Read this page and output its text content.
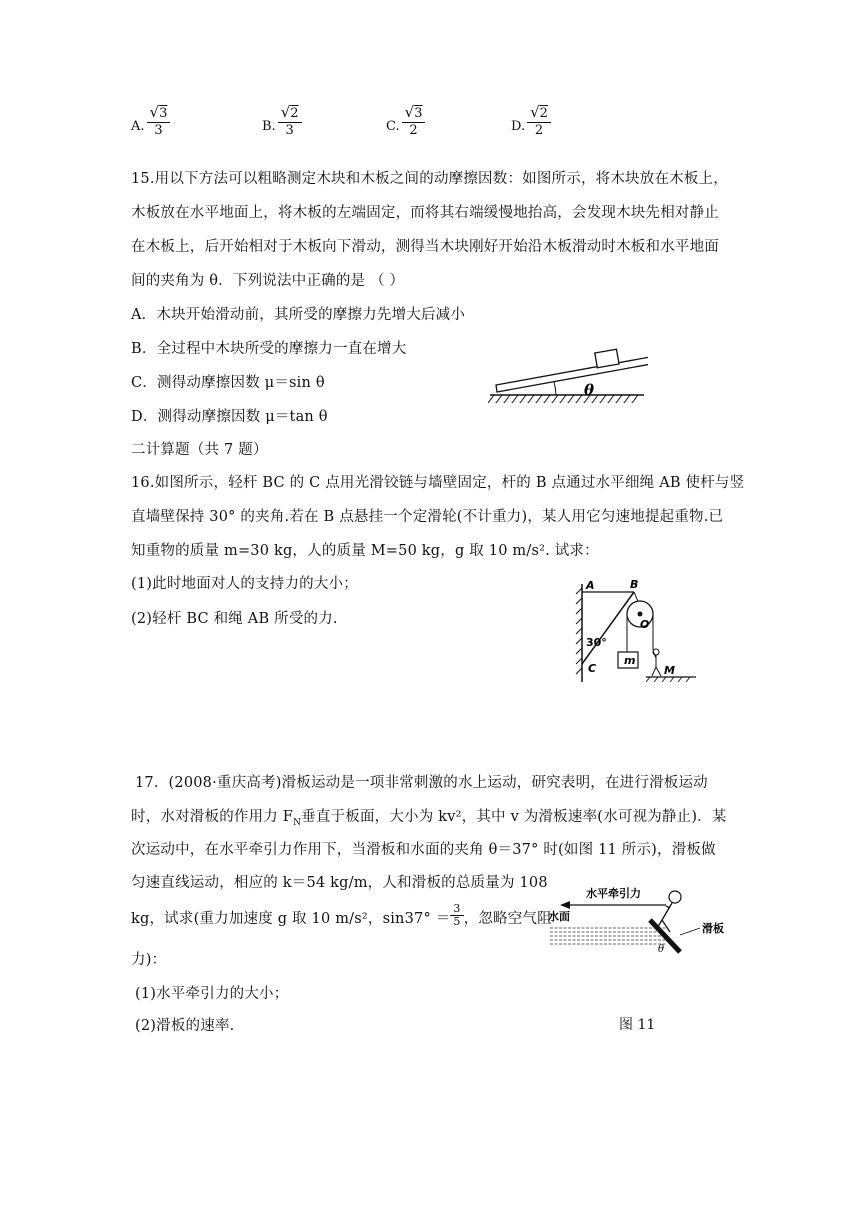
A. $\frac{√3}{3}$	B. $\frac{√2}{3}$	C. $\frac{√3}{2}$	D. $\frac{√2}{2}$
15.用以下方法可以粗略测定木块和木板之间的动摩擦因数：如图所示，将木块放在木板上，
木板放在水平地面上，将木板的左端固定，而将其右端缓慢地抬高，会发现木块先相对静止
在木板上，后开始相对于木板向下滑动，测得当木块刚好开始沿木板滑动时木板和水平地面
间的夹角为 θ．下列说法中正确的是 （ ）
A．木块开始滑动前，其所受的摩擦力先增大后减小
B．全过程中木块所受的摩擦力一直在增大
C．测得动摩擦因数 μ＝sin θ
D．测得动摩擦因数 μ＝tan θ
θ
二计算题（共 7 题）
16.如图所示，轻杆 BC 的 C 点用光滑铰链与墙壁固定，杆的 B 点通过水平细绳 AB 使杆与竖
直墙壁保持 30° 的夹角.若在 B 点悬挂一个定滑轮(不计重力)，某人用它匀速地提起重物.已
知重物的质量 m=30 kg，人的质量 M=50 kg，g 取 10 m/s². 试求：
(1)此时地面对人的支持力的大小；
(2)轻杆 BC 和绳 AB 所受的力.
A	B
C
O
m
M
30°
17．(2008·重庆高考)滑板运动是一项非常刺激的水上运动，研究表明，在进行滑板运动
时，水对滑板的作用力 $F_N$垂直于板面，大小为 kv²，其中 v 为滑板速率(水可视为静止)．某
次运动中，在水平牵引力作用下，当滑板和水面的夹角 θ＝37° 时(如图 11 所示)，滑板做
匀速直线运动，相应的 k＝54 kg/m，人和滑板的总质量为 108
kg，试求(重力加速度 g 取 10 m/s²，$\sin 37^\circ = \frac{3}{5}$ ，忽略空气阻
力)：
(1)水平牵引力的大小；
(2)滑板的速率.	图 11
水平牵引力
水面
θ
滑板
